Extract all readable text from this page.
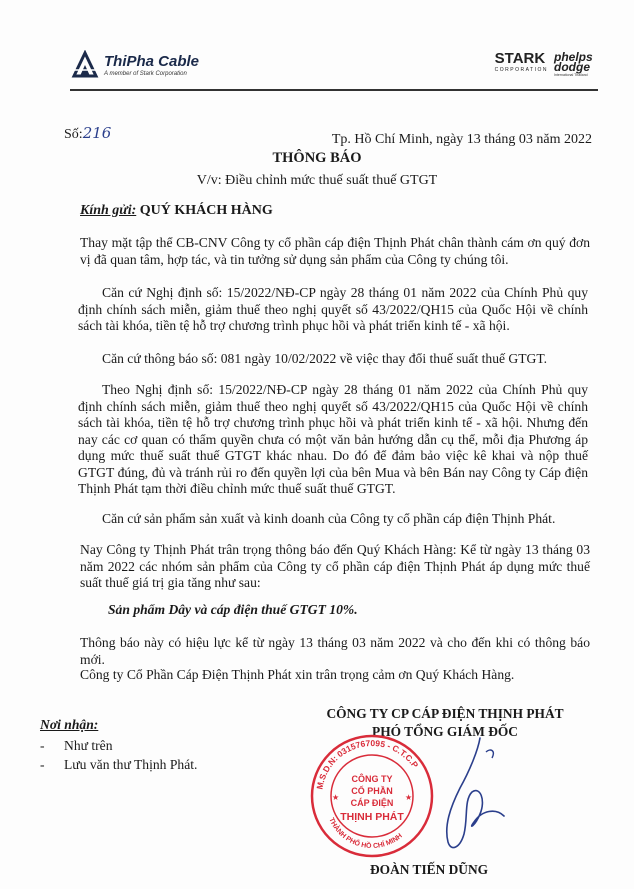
ThiPha Cable
A member of Stark Corporation
STARK
CORPORATION
phelps dodge
International Thailand
Số:216	Tp. Hồ Chí Minh, ngày 13 tháng 03 năm 2022
THÔNG BÁO
V/v: Điều chỉnh mức thuế suất thuế GTGT
Kính gửi: QUÝ KHÁCH HÀNG
Thay mặt tập thể CB-CNV Công ty cổ phần cáp điện Thịnh Phát chân thành cám ơn quý đơn vị đã quan tâm, hợp tác, và tin tưởng sử dụng sản phẩm của Công ty chúng tôi.
Căn cứ Nghị định số: 15/2022/NĐ-CP ngày 28 tháng 01 năm 2022 của Chính Phủ quy định chính sách miễn, giảm thuế theo nghị quyết số 43/2022/QH15 của Quốc Hội về chính sách tài khóa, tiền tệ hỗ trợ chương trình phục hồi và phát triển kinh tế - xã hội.
Căn cứ thông báo số: 081 ngày 10/02/2022 về việc thay đổi thuế suất thuế GTGT.
Theo Nghị định số: 15/2022/NĐ-CP ngày 28 tháng 01 năm 2022 của Chính Phủ quy định chính sách miễn, giảm thuế theo nghị quyết số 43/2022/QH15 của Quốc Hội về chính sách tài khóa, tiền tệ hỗ trợ chương trình phục hồi và phát triển kinh tế - xã hội. Nhưng đến nay các cơ quan có thẩm quyền chưa có một văn bản hướng dẫn cụ thể, mỗi địa Phương áp dụng mức thuế suất thuế GTGT khác nhau. Do đó để đảm bảo việc kê khai và nộp thuế GTGT đúng, đủ và tránh rủi ro đến quyền lợi của bên Mua và bên Bán nay Công ty Cáp điện Thịnh Phát tạm thời điều chỉnh mức thuế suất thuế GTGT.
Căn cứ sản phẩm sản xuất và kinh doanh của Công ty cổ phần cáp điện Thịnh Phát.
Nay Công ty Thịnh Phát trân trọng thông báo đến Quý Khách Hàng: Kể từ ngày 13 tháng 03 năm 2022 các nhóm sản phẩm của Công ty cổ phần cáp điện Thịnh Phát áp dụng mức thuế suất thuế giá trị gia tăng như sau:
Sản phẩm Dây và cáp điện thuế GTGT 10%.
Thông báo này có hiệu lực kể từ ngày 13 tháng 03 năm 2022 và cho đến khi có thông báo mới.
Công ty Cổ Phần Cáp Điện Thịnh Phát xin trân trọng cảm ơn Quý Khách Hàng.
Nơi nhận:
- Như trên
- Lưu văn thư Thịnh Phát.
CÔNG TY CP CÁP ĐIỆN THỊNH PHÁT
PHÓ TỔNG GIÁM ĐỐC
M.S.D.N: 0315767095 - C.T.C.P
THÀNH PHỐ HỒ CHÍ MINH
CÔNG TY
CỔ PHẦN
CÁP ĐIỆN
THỊNH PHÁT
★	★
ĐOÀN TIẾN DŨNG
